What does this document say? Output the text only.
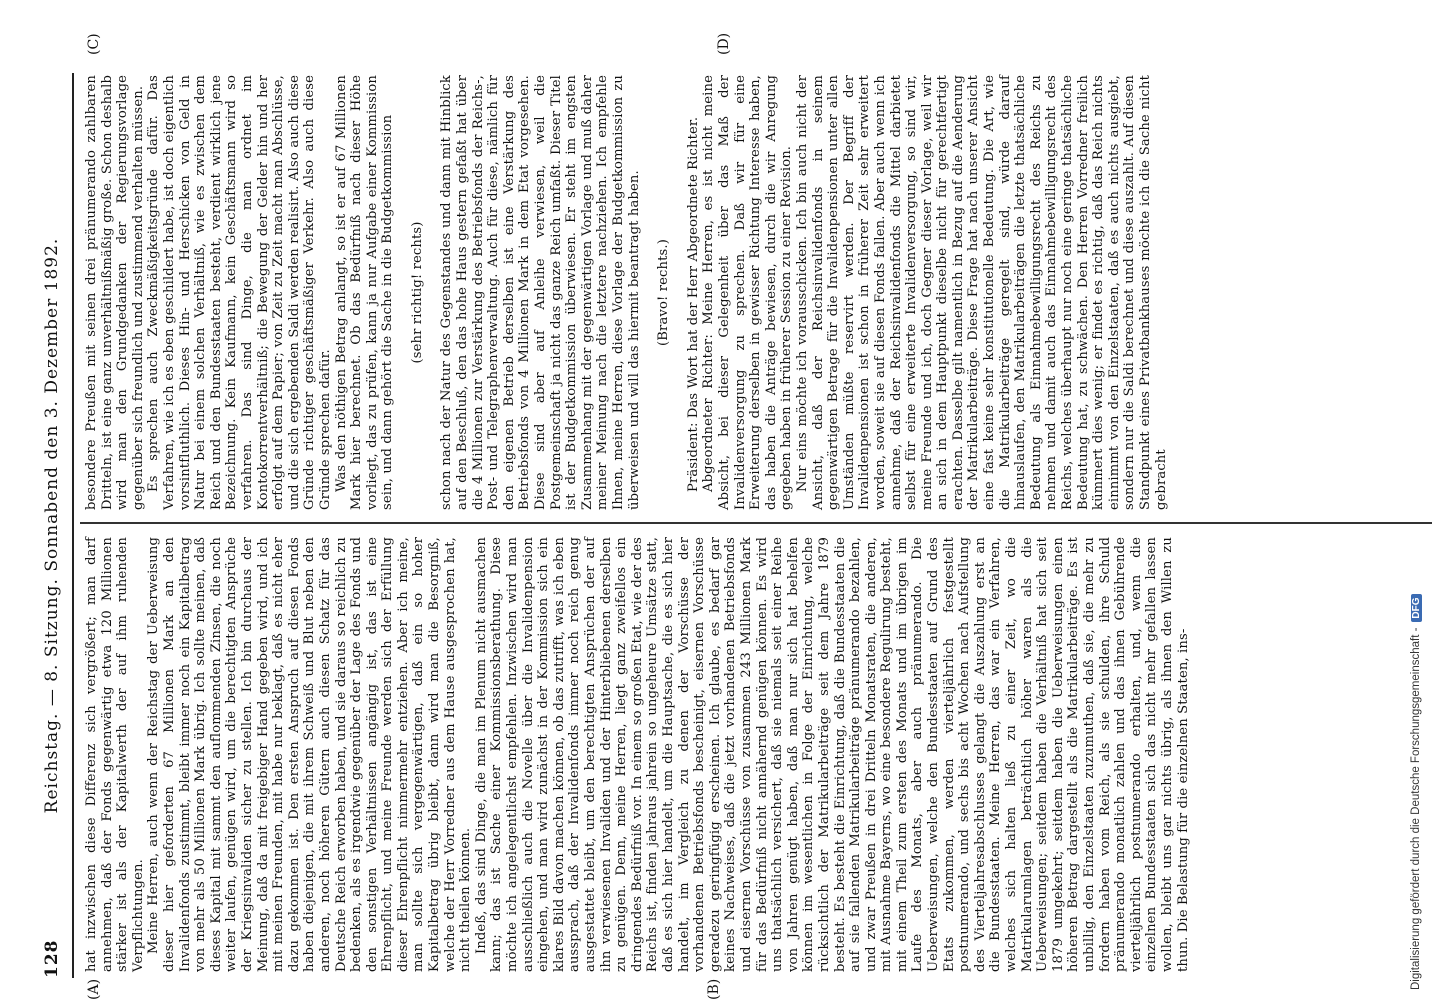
128
Reichstag. — 8. Sitzung. Sonnabend den 3. Dezember 1892.
(A)	(B)
(C)	(D)

hat inzwischen diese Differenz sich vergrößert; man darf annehmen, daß der Fonds gegenwärtig etwa 120 Millionen stärker ist als der Kapitalwerth der auf ihm ruhenden Verpflichtungen. Meine Herren, auch wenn der Reichstag der Ueberweisung dieser hier geforderten 67 Millionen Mark an den Invalidenfonds zustimmt, bleibt immer noch ein Kapitalbetrag von mehr als 50 Millionen Mark übrig. Ich sollte meinen, daß dieses Kapital mit sammt den auflommenden Zinsen, die noch weiter laufen, genügen wird, um die berechtigten Ansprüche der Kriegsinvaliden sicher zu stellen. Ich bin durchaus der Meinung, daß da mit freigebiger Hand gegeben wird, und ich mit meinen Freunden, mit habe nur beklagt, daß es nicht eher dazu gekommen ist. Den ersten Anspruch auf diesen Fonds haben diejenigen, die mit ihrem Schweiß und Blut neben den anderen, noch höheren Gütern auch diesen Schatz für das Deutsche Reich erworben haben, und sie daraus so reichlich zu bedenken, als es irgendwie gegenüber der Lage des Fonds und den sonstigen Verhältnissen angängig ist, das ist eine Ehrenpflicht, und meine Freunde werden sich der Erfüllung dieser Ehrenpflicht nimmermehr entziehen. Aber ich meine, man sollte sich vergegenwärtigen, daß ein so hoher Kapitalbetrag übrig bleibt, dann wird man die Besorgniß, welche der Herr Vorredner aus dem Hause ausgesprochen hat, nicht theilen können. Indeß, das sind Dinge, die man im Plenum nicht ausmachen kann; das ist Sache einer Kommissionsberathung. Diese möchte ich angelegentlichst empfehlen. Inzwischen wird man ausschließlich auch die Novelle über die Invalidenpension eingehen, und man wird zunächst in der Kommission sich ein klares Bild davon machen können, ob das zutrifft, was ich eben aussprach, daß der Invalidenfonds immer noch reich genug ausgestattet bleibt, um den berechtigten Ansprüchen der auf ihn verwiesenen Invaliden und der Hinterbliebenen derselben zu genügen. Denn, meine Herren, liegt ganz zweifellos ein dringendes Bedürfniß vor. In einem so großen Etat, wie der des Reichs ist, finden jahraus jahrein so ungeheure Umsätze statt, daß es sich hier handelt, um die Hauptsache, die es sich hier handelt, im Vergleich zu denen der Vorschüsse der vorhandenen Betriebsfonds bescheinigt, eisernen Vorschüsse geradezu geringfügig erscheinen. Ich glaube, es bedarf gar keines Nachweises, daß die jetzt vorhandenen Betriebsfonds und eisernen Vorschüsse von zusammen 243 Millionen Mark für das Bedürfniß nicht annähernd genügen können. Es wird uns thatsächlich versichert, daß sie niemals seit einer Reihe von Jahren genügt haben, daß man nur sich hat behelfen können im wesentlichen in Folge der Einrichtung, welche rücksichtlich der Matrikularbeiträge seit dem Jahre 1879 besteht. Es besteht die Einrichtung, daß die Bundesstaaten die auf sie fallenden Matrikularbeiträge pränumerando bezahlen, und zwar Preußen in drei Dritteln Monatsraten, die anderen, mit Ausnahme Bayerns, wo eine besondere Regulirung besteht, mit einem Theil zum ersten des Monats und im übrigen im Laufe des Monats, aber auch pränumerando. Die Ueberweisungen, welche den Bundesstaaten auf Grund des Etats zukommen, werden vierteljährlich festgestellt postnumerando, und sechs bis acht Wochen nach Aufstellung des Vierteljahresabschlusses gelangt die Auszahlung erst an die Bundesstaaten. Meine Herren, das war ein Verfahren, welches sich halten ließ zu einer Zeit, wo die Matrikularumlagen beträchtlich höher waren als die Ueberweisungen; seitdem haben die Verhältniß hat sich seit 1879 umgekehrt; seitdem haben die Ueberweisungen einen höheren Betrag dargestellt als die Matrikularbeiträge. Es ist unbillig, den Einzelstaaten zuzumuthen, daß sie, die mehr zu fordern haben vom Reich, als sie schulden, ihre Schuld pränumerando monatlich zahlen und das ihnen Gebührende vierteljährlich postnumerando erhalten, und, wenn die einzelnen Bundesstaaten sich das nicht mehr gefallen lassen wollen, bleibt uns gar nichts übrig, als ihnen den Willen zu thun. Die Belastung für die einzelnen Staaten, ins-

besondere Preußen mit seinen drei pränumerando zahlbaren Dritteln, ist eine ganz unverhältnißmäßig große. Schon deshalb wird man den Grundgedanken der Regierungsvorlage gegenüber sich freundlich und zustimmend verhalten müssen. Es sprechen auch Zweckmäßigkeitsgründe dafür. Das Verfahren, wie ich es eben geschildert habe, ist doch eigentlich vorsintfluthlich. Dieses Hin- und Herschicken von Geld in Natur bei einem solchen Verhältniß, wie es zwischen dem Reich und den Bundesstaaten besteht, verdient wirklich jene Bezeichnung. Kein Kaufmann, kein Geschäftsmann wird so verfahren. Das sind Dinge, die man ordnet im Kontokorrentverhältniß; die Bewegung der Gelder hin und her erfolgt auf dem Papier; von Zeit zu Zeit macht man Abschlüsse, und die sich ergebenden Saldi werden realisirt. Also auch diese Gründe richtiger geschäftsmäßiger Verkehr. Also auch diese Gründe sprechen dafür. Was den nöthigen Betrag anlangt, so ist er auf 67 Millionen Mark hier berechnet. Ob das Bedürfniß nach dieser Höhe vorliegt, das zu prüfen, kann ja nur Aufgabe einer Kommission sein, und dann gehört die Sache in die Budgetkommission (sehr richtig! rechts) schon nach der Natur des Gegenstandes und dann mit Hinblick auf den Beschluß, den das hohe Haus gestern gefaßt hat über die 4 Millionen zur Verstärkung des Betriebsfonds der Reichs-, Post- und Telegraphenverwaltung. Auch für diese, nämlich für den eigenen Betrieb derselben ist eine Verstärkung des Betriebsfonds von 4 Millionen Mark in dem Etat vorgesehen. Diese sind aber auf Anleihe verwiesen, weil die Postgemeinschaft ja nicht das ganze Reich umfaßt. Dieser Titel ist der Budgetkommission überwiesen. Er steht im engsten Zusammenhang mit der gegenwärtigen Vorlage und muß daher meiner Meinung nach die letztere nachziehen. Ich empfehle Ihnen, meine Herren, diese Vorlage der Budgetkommission zu überweisen und will das hiermit beantragt haben. (Bravo! rechts.) Präsident: Das Wort hat der Herr Abgeordnete Richter. Abgeordneter Richter: Meine Herren, es ist nicht meine Absicht, bei dieser Gelegenheit über das Maß der Invalidenversorgung zu sprechen. Daß wir für eine Erweiterung derselben in gewisser Richtung Interesse haben, das haben die Anträge bewiesen, durch die wir Anregung gegeben haben in früherer Session zu einer Revision. Nur eins möchte ich vorausschicken. Ich bin auch nicht der Ansicht, daß der Reichsinvalidenfonds in seinem gegenwärtigen Betrage für die Invalidenpensionen unter allen Umständen müßte reservirt werden. Der Begriff der Invalidenpensionen ist schon in früherer Zeit sehr erweitert worden, soweit sie auf diesen Fonds fallen. Aber auch wenn ich annehme, daß der Reichsinvalidenfonds die Mittel darbietet selbst für eine erweiterte Invalidenversorgung, so sind wir, meine Freunde und ich, doch Gegner dieser Vorlage, weil wir an sich in dem Hauptpunkt dieselbe nicht für gerechtfertigt erachten. Dasselbe gilt namentlich in Bezug auf die Aenderung der Matrikularbeiträge. Diese Frage hat nach unserer Ansicht eine fast keine sehr konstitutionelle Bedeutung. Die Art, wie die Matrikularbeiträge geregelt sind, würde darauf hinauslaufen, den Matrikularbeiträgen die letzte thatsächliche Bedeutung als Einnahmebewilligungsrecht des Reichs zu nehmen und damit auch das Einnahmebewilligungsrecht des Reichs, welches überhaupt nur noch eine geringe thatsächliche Bedeutung hat, zu schwächen. Den Herren Vorredner freilich kümmert dies wenig; er findet es richtig, daß das Reich nichts einnimmt von den Einzelstaaten, daß es auch nichts ausgiebt, sondern nur die Saldi berechnet und diese auszahlt. Auf diesen Standpunkt eines Privatbankhauses möchte ich die Sache nicht gebracht

Digitalisierung gefördert durch die Deutsche Forschungsgemeinschaft -DFG
